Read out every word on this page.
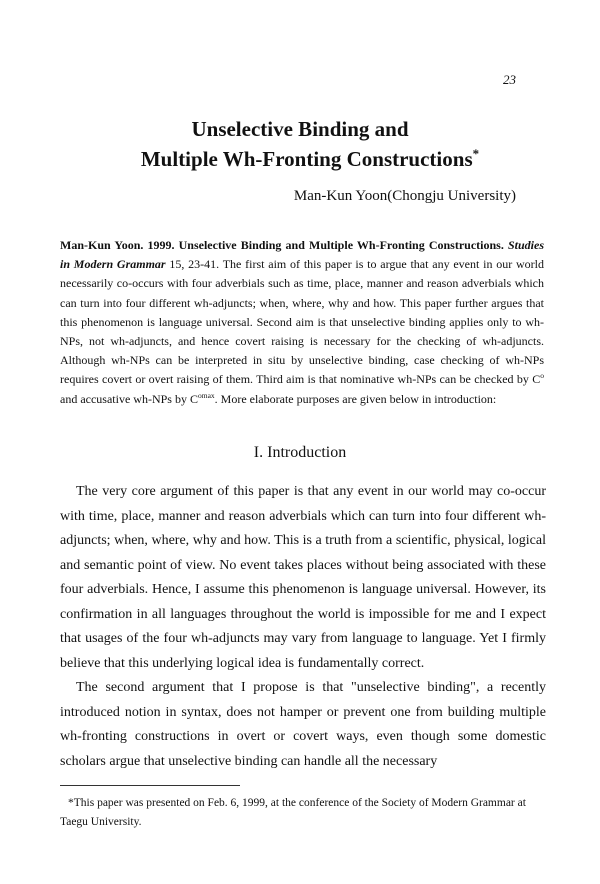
23
Unselective Binding and
Multiple Wh-Fronting Constructions*
Man-Kun Yoon(Chongju University)
Man-Kun Yoon. 1999. Unselective Binding and Multiple Wh-Fronting Constructions. Studies in Modern Grammar 15, 23-41. The first aim of this paper is to argue that any event in our world necessarily co-occurs with four adverbials such as time, place, manner and reason adverbials which can turn into four different wh-adjuncts; when, where, why and how. This paper further argues that this phenomenon is language universal. Second aim is that unselective binding applies only to wh-NPs, not wh-adjuncts, and hence covert raising is necessary for the checking of wh-adjuncts. Although wh-NPs can be interpreted in situ by unselective binding, case checking of wh-NPs requires covert or overt raising of them. Third aim is that nominative wh-NPs can be checked by $C^o$ and accusative wh-NPs by $C^{omax}$. More elaborate purposes are given below in introduction:
I. Introduction

The very core argument of this paper is that any event in our world may co-occur with time, place, manner and reason adverbials which can turn into four different wh-adjuncts; when, where, why and how. This is a truth from a scientific, physical, logical and semantic point of view. No event takes places without being associated with these four adverbials. Hence, I assume this phenomenon is language universal. However, its confirmation in all languages throughout the world is impossible for me and I expect that usages of the four wh-adjuncts may vary from language to language. Yet I firmly believe that this underlying logical idea is fundamentally correct.

The second argument that I propose is that "unselective binding", a recently introduced notion in syntax, does not hamper or prevent one from building multiple wh-fronting constructions in overt or covert ways, even though some domestic scholars argue that unselective binding can handle all the necessary

*This paper was presented on Feb. 6, 1999, at the conference of the Society of Modern Grammar at Taegu University.
